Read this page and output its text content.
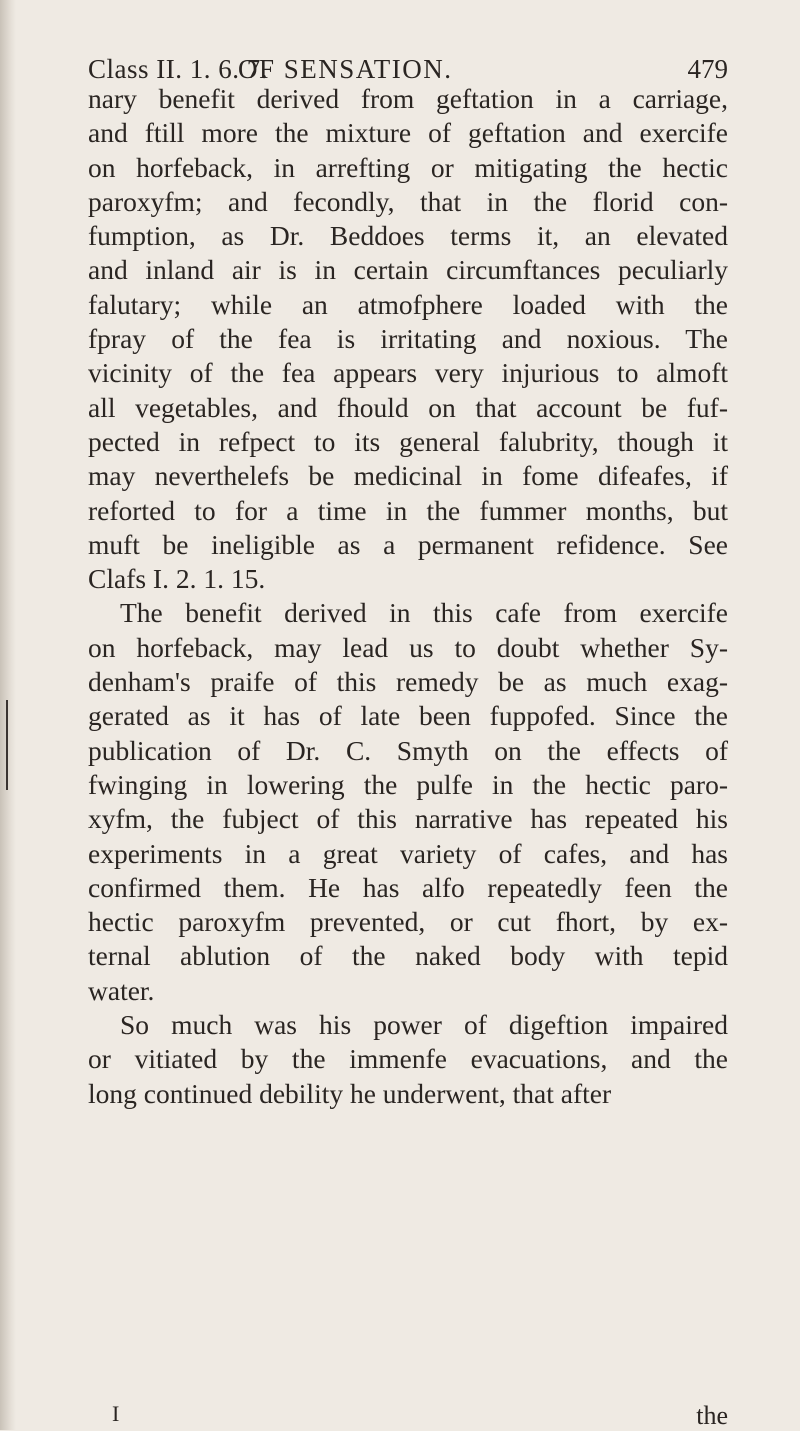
Class II. 1. 6. 7.
OF SENSATION.	479
nary benefit derived from geftation in a carriage,
and ftill more the mixture of geftation and exercife
on horfeback, in arrefting or mitigating the hectic
paroxyfm; and fecondly, that in the florid con-
fumption, as Dr. Beddoes terms it, an elevated
and inland air is in certain circumftances peculiarly
falutary; while an atmofphere loaded with the
fpray of the fea is irritating and noxious. The
vicinity of the fea appears very injurious to almoft
all vegetables, and fhould on that account be fuf-
pected in refpect to its general falubrity, though it
may neverthelefs be medicinal in fome difeafes, if
reforted to for a time in the fummer months, but
muft be ineligible as a permanent refidence. See
Clafs I. 2. 1. 15.
The benefit derived in this cafe from exercife
on horfeback, may lead us to doubt whether Sy-
denham's praife of this remedy be as much exag-
gerated as it has of late been fuppofed. Since the
publication of Dr. C. Smyth on the effects of
fwinging in lowering the pulfe in the hectic paro-
xyfm, the fubject of this narrative has repeated his
experiments in a great variety of cafes, and has
confirmed them. He has alfo repeatedly feen the
hectic paroxyfm prevented, or cut fhort, by ex-
ternal ablution of the naked body with tepid
water.
So much was his power of digeftion impaired
or vitiated by the immenfe evacuations, and the
long continued debility he underwent, that after
I	the
